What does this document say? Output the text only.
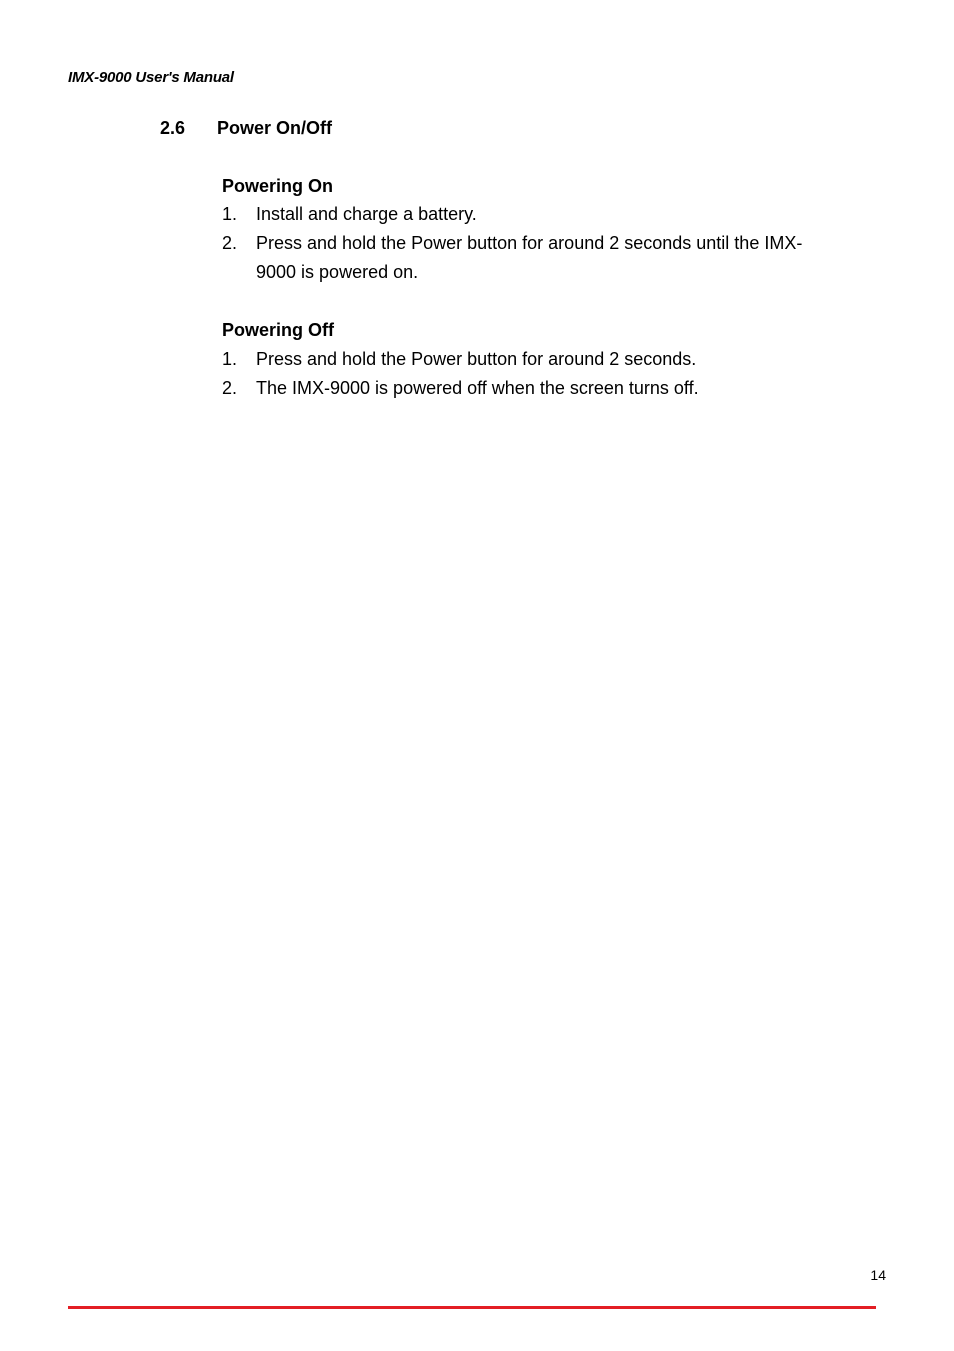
IMX-9000 User's Manual
2.6 Power On/Off
Powering On
1. Install and charge a battery.
2. Press and hold the Power button for around 2 seconds until the IMX-9000 is powered on.
Powering Off
1. Press and hold the Power button for around 2 seconds.
2. The IMX-9000 is powered off when the screen turns off.
14
